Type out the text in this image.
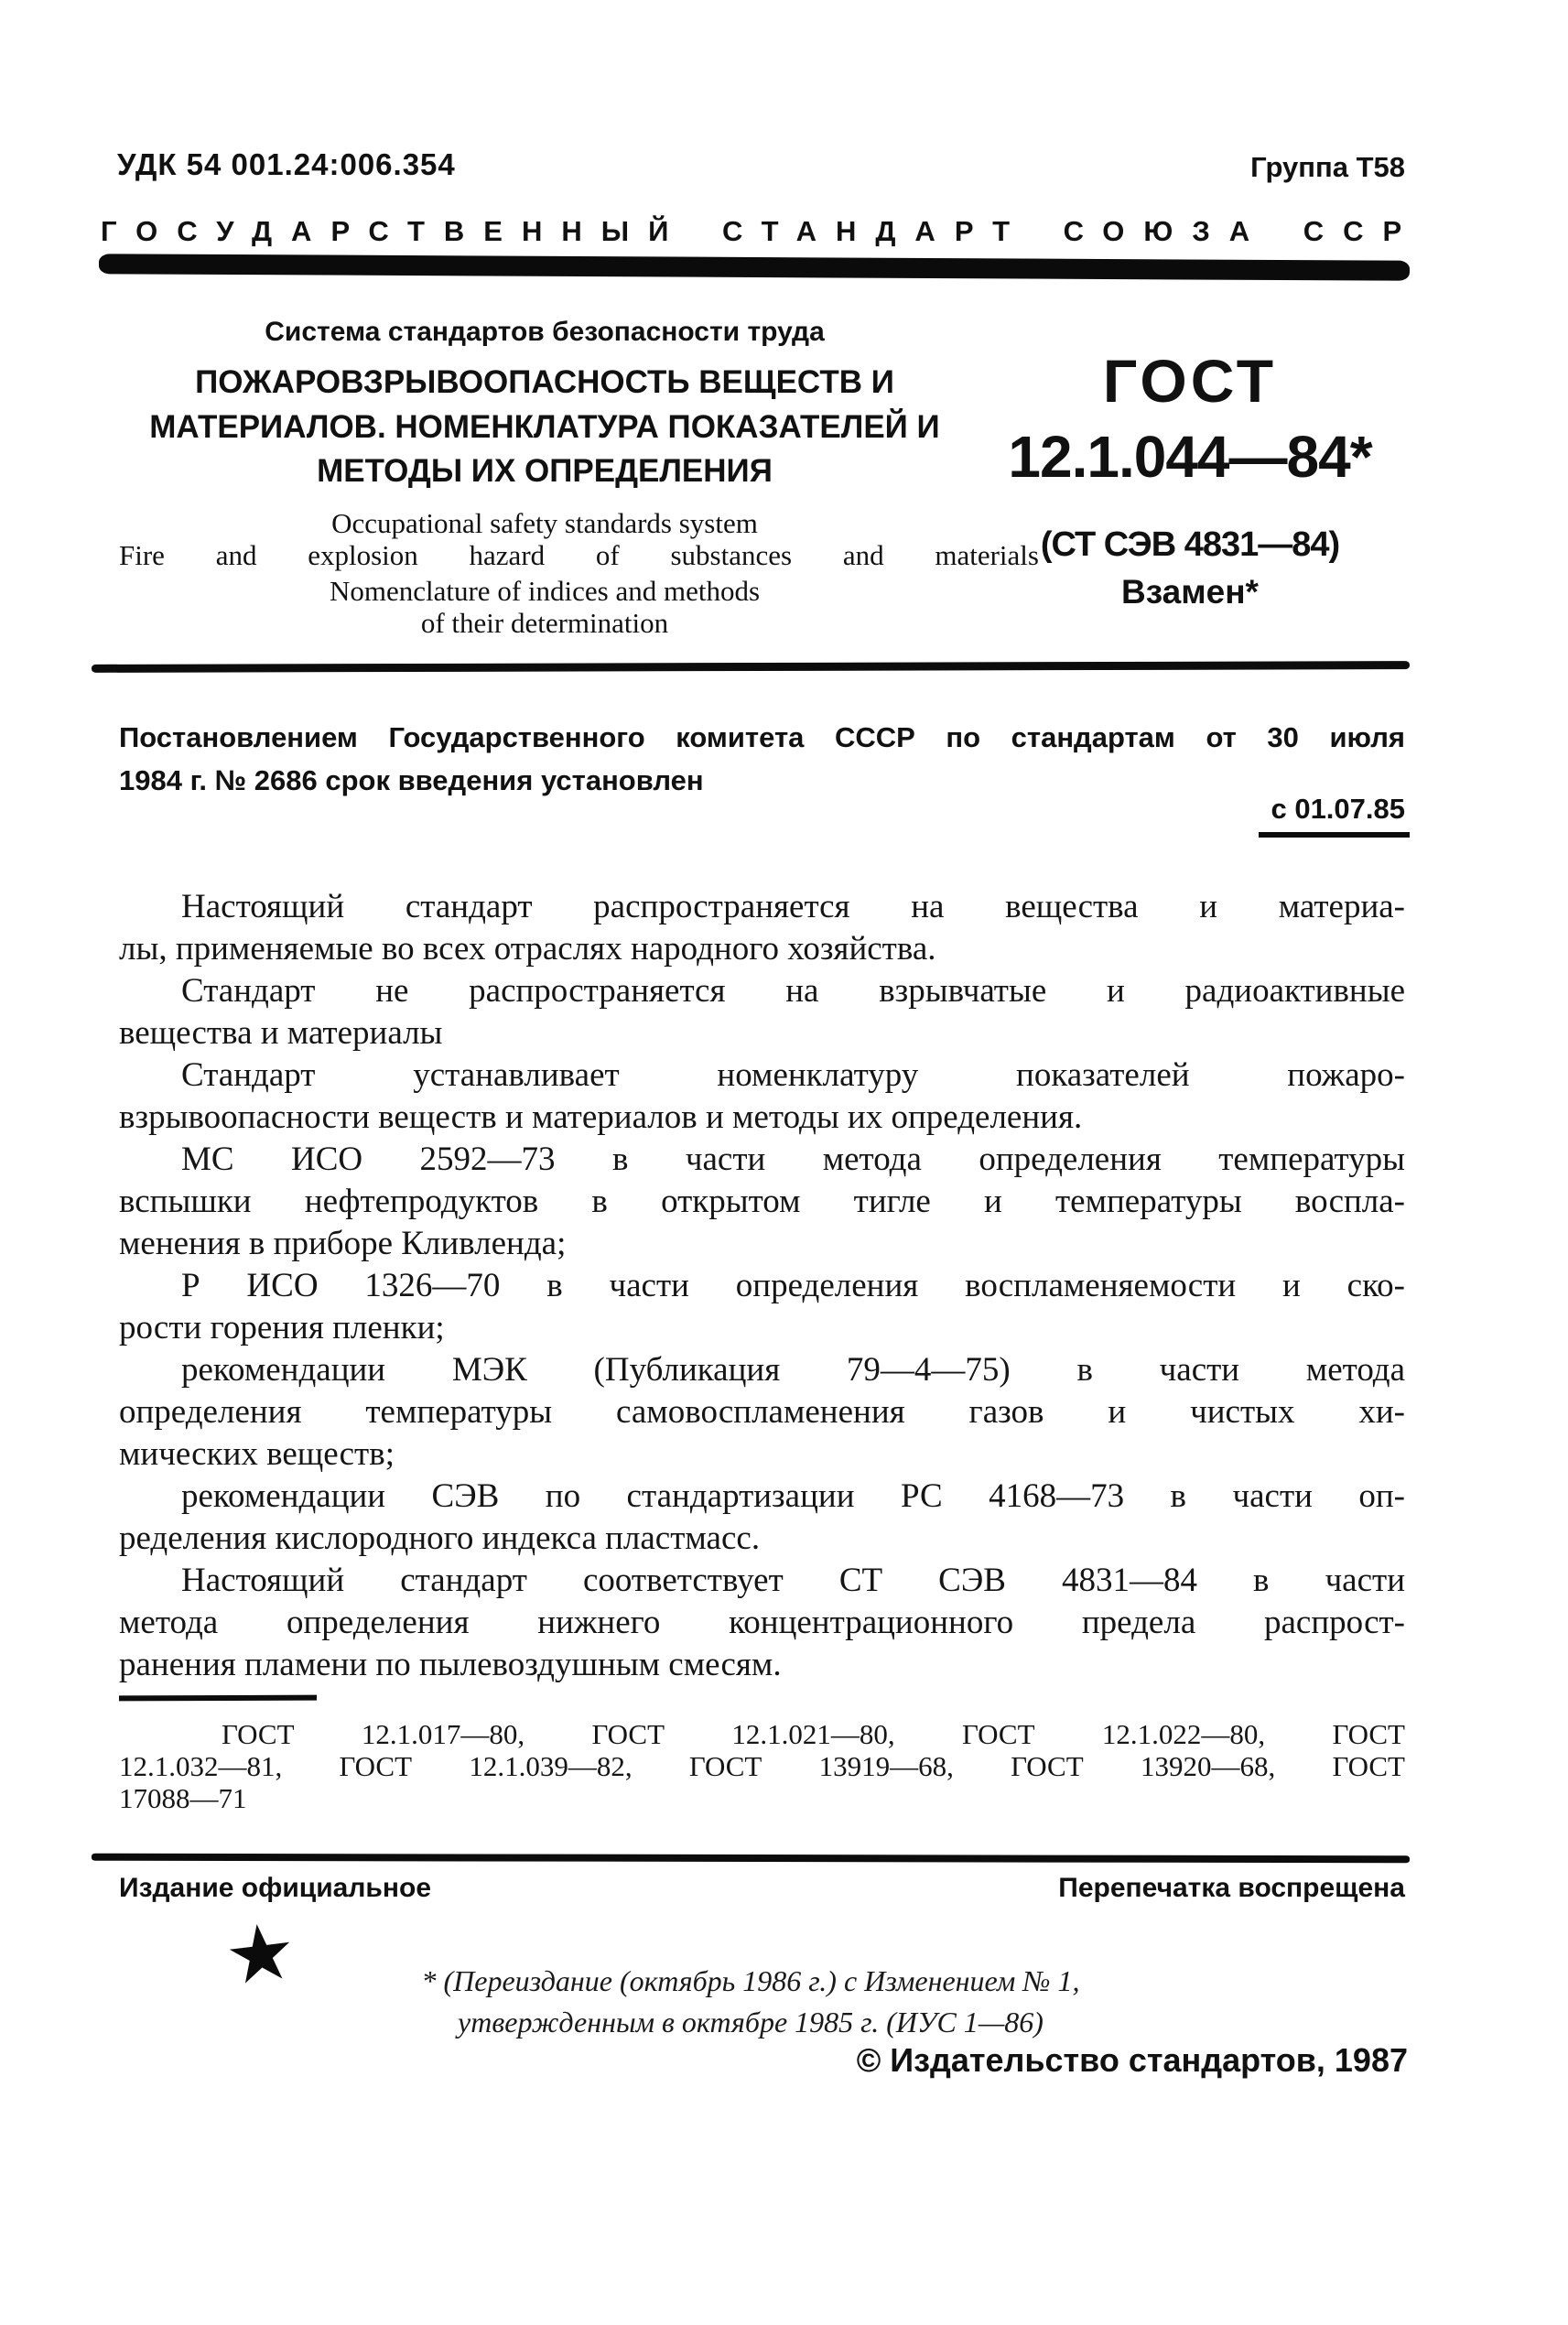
УДК 54 001.24:006.354	Группа Т58
ГОСУДАРСТВЕННЫЙ СТАНДАРТ СОЮЗА ССР
Система стандартов безопасности труда
ПОЖАРОВЗРЫВООПАСНОСТЬ ВЕЩЕСТВ И
МАТЕРИАЛОВ. НОМЕНКЛАТУРА ПОКАЗАТЕЛЕЙ И
МЕТОДЫ ИХ ОПРЕДЕЛЕНИЯ
Occupational safety standards system
Fire and explosion hazard of substances and materials
Nomenclature of indices and methods
of their determination
ГОСТ
12.1.044—84*
(СТ СЭВ 4831—84)
Взамен*
Постановлением Государственного комитета СССР по стандартам от 30 июля
1984 г. № 2686 срок введения установлен
с 01.07.85
Настоящий стандарт распространяется на вещества и материа-
лы, применяемые во всех отраслях народного хозяйства.
Стандарт не распространяется на взрывчатые и радиоактивные
вещества и материалы
Стандарт устанавливает номенклатуру показателей пожаро-
взрывоопасности веществ и материалов и методы их определения.
МС ИСО 2592—73 в части метода определения температуры
вспышки нефтепродуктов в открытом тигле и температуры воспла-
менения в приборе Кливленда;
Р ИСО 1326—70 в части определения воспламеняемости и ско-
рости горения пленки;
рекомендации МЭК (Публикация 79—4—75) в части метода
определения температуры самовоспламенения газов и чистых хи-
мических веществ;
рекомендации СЭВ по стандартизации РС 4168—73 в части оп-
ределения кислородного индекса пластмасс.
Настоящий стандарт соответствует СТ СЭВ 4831—84 в части
метода определения нижнего концентрационного предела распрост-
ранения пламени по пылевоздушным смесям.
ГОСТ 12.1.017—80, ГОСТ 12.1.021—80, ГОСТ 12.1.022—80, ГОСТ
12.1.032—81, ГОСТ 12.1.039—82, ГОСТ 13919—68, ГОСТ 13920—68, ГОСТ
17088—71
Издание официальное	Перепечатка воспрещена
★	* (Переиздание (октябрь 1986 г.) с Изменением № 1,
утвержденным в октябре 1985 г. (ИУС 1—86)
© Издательство стандартов, 1987
